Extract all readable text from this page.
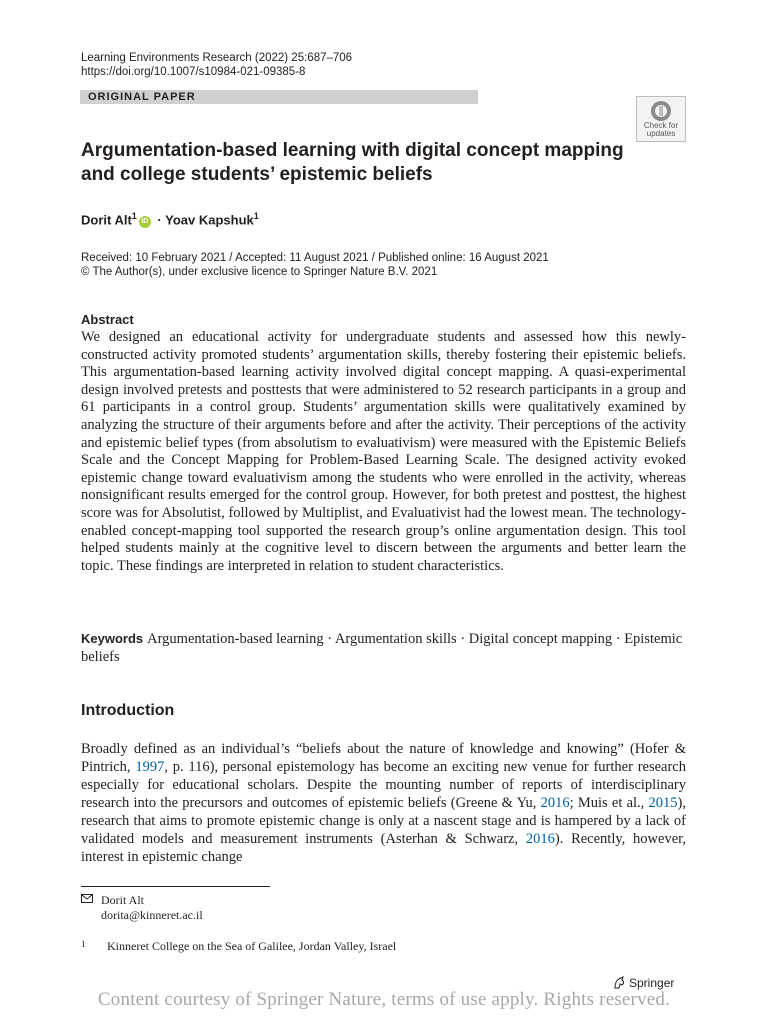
Learning Environments Research (2022) 25:687–706
https://doi.org/10.1007/s10984-021-09385-8
ORIGINAL PAPER
Check for
updates
Argumentation-based learning with digital concept mapping and college students’ epistemic beliefs
Dorit Alt$^1$iD · Yoav Kapshuk$^1$
Received: 10 February 2021 / Accepted: 11 August 2021 / Published online: 16 August 2021
© The Author(s), under exclusive licence to Springer Nature B.V. 2021
Abstract

We designed an educational activity for undergraduate students and assessed how this newly-constructed activity promoted students’ argumentation skills, thereby fostering their epistemic beliefs. This argumentation-based learning activity involved digital concept mapping. A quasi-experimental design involved pretests and posttests that were administered to 52 research participants in a group and 61 participants in a control group. Students’ argumentation skills were qualitatively examined by analyzing the structure of their arguments before and after the activity. Their perceptions of the activity and epistemic belief types (from absolutism to evaluativism) were measured with the Epistemic Beliefs Scale and the Concept Mapping for Problem-Based Learning Scale. The designed activity evoked epistemic change toward evaluativism among the students who were enrolled in the activity, whereas nonsignificant results emerged for the control group. However, for both pretest and posttest, the highest score was for Absolutist, followed by Multiplist, and Evaluativist had the lowest mean. The technology-enabled concept-mapping tool supported the research group’s online argumentation design. This tool helped students mainly at the cognitive level to discern between the arguments and better learn the topic. These findings are interpreted in relation to student characteristics.

Keywords Argumentation-based learning · Argumentation skills · Digital concept mapping · Epistemic beliefs

Introduction

Broadly defined as an individual’s “beliefs about the nature of knowledge and knowing” (Hofer & Pintrich, 1997, p. 116), personal epistemology has become an exciting new venue for further research especially for educational scholars. Despite the mounting number of reports of interdisciplinary research into the precursors and outcomes of epistemic beliefs (Greene & Yu, 2016; Muis et al., 2015), research that aims to promote epistemic change is only at a nascent stage and is hampered by a lack of validated models and measurement instruments (Asterhan & Schwarz, 2016). Recently, however, interest in epistemic change

Dorit Alt
dorita@kinneret.ac.il
1 Kinneret College on the Sea of Galilee, Jordan Valley, Israel
Springer
Content courtesy of Springer Nature, terms of use apply. Rights reserved.
